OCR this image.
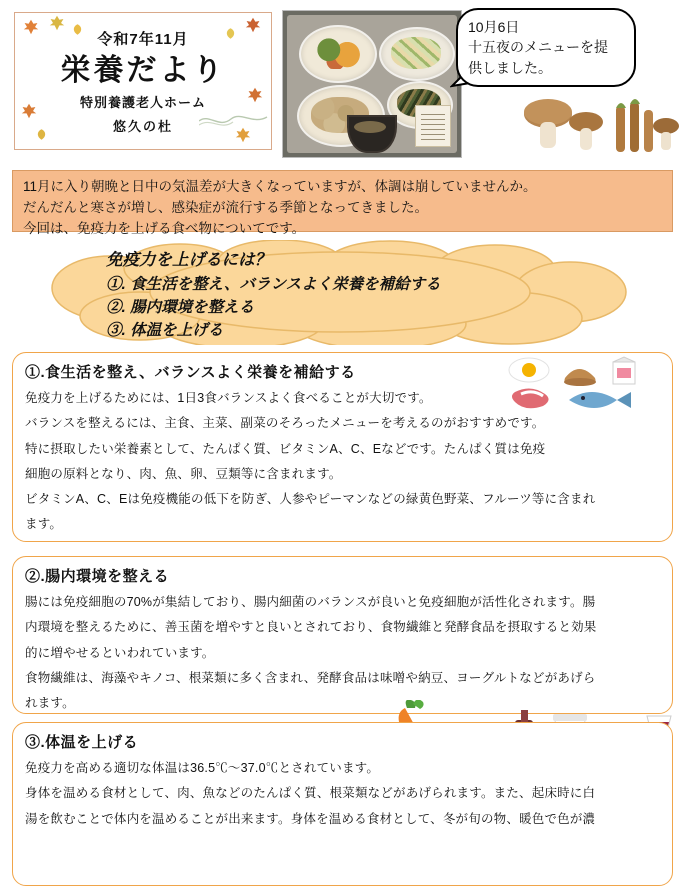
令和7年11月
栄養だより
特別養護老人ホーム
悠久の杜
10月6日
十五夜のメニューを提
供しました。
11月に入り朝晩と日中の気温差が大きくなっていますが、体調は崩していませんか。
だんだんと寒さが増し、感染症が流行する季節となってきました。
今回は、免疫力を上げる食べ物についてです。
免疫力を上げるには？
①. 食生活を整え、バランスよく栄養を補給する
②. 腸内環境を整える
③. 体温を上げる
①.食生活を整え、バランスよく栄養を補給する

免疫力を上げるためには、1日3食バランスよく食べることが大切です。

バランスを整えるには、主食、主菜、副菜のそろったメニューを考えるのがおすすめです。

特に摂取したい栄養素として、たんぱく質、ビタミンA、C、Eなどです。たんぱく質は免疫

細胞の原料となり、肉、魚、卵、豆類等に含まれます。

ビタミンA、C、Eは免疫機能の低下を防ぎ、人参やピーマンなどの緑黄色野菜、フルーツ等に含まれ

ます。

②.腸内環境を整える

腸には免疫細胞の70%が集結しており、腸内細菌のバランスが良いと免疫細胞が活性化されます。腸

内環境を整えるために、善玉菌を増やすと良いとされており、食物繊維と発酵食品を摂取すると効果

的に増やせるといわれています。

食物繊維は、海藻やキノコ、根菜類に多く含まれ、発酵食品は味噌や納豆、ヨーグルトなどがあげら

れます。

③.体温を上げる

免疫力を高める適切な体温は36.5℃～37.0℃とされています。

身体を温める食材として、肉、魚などのたんぱく質、根菜類などがあげられます。また、起床時に白

湯を飲むことで体内を温めることが出来ます。身体を温める食材として、冬が旬の物、暖色で色が濃
